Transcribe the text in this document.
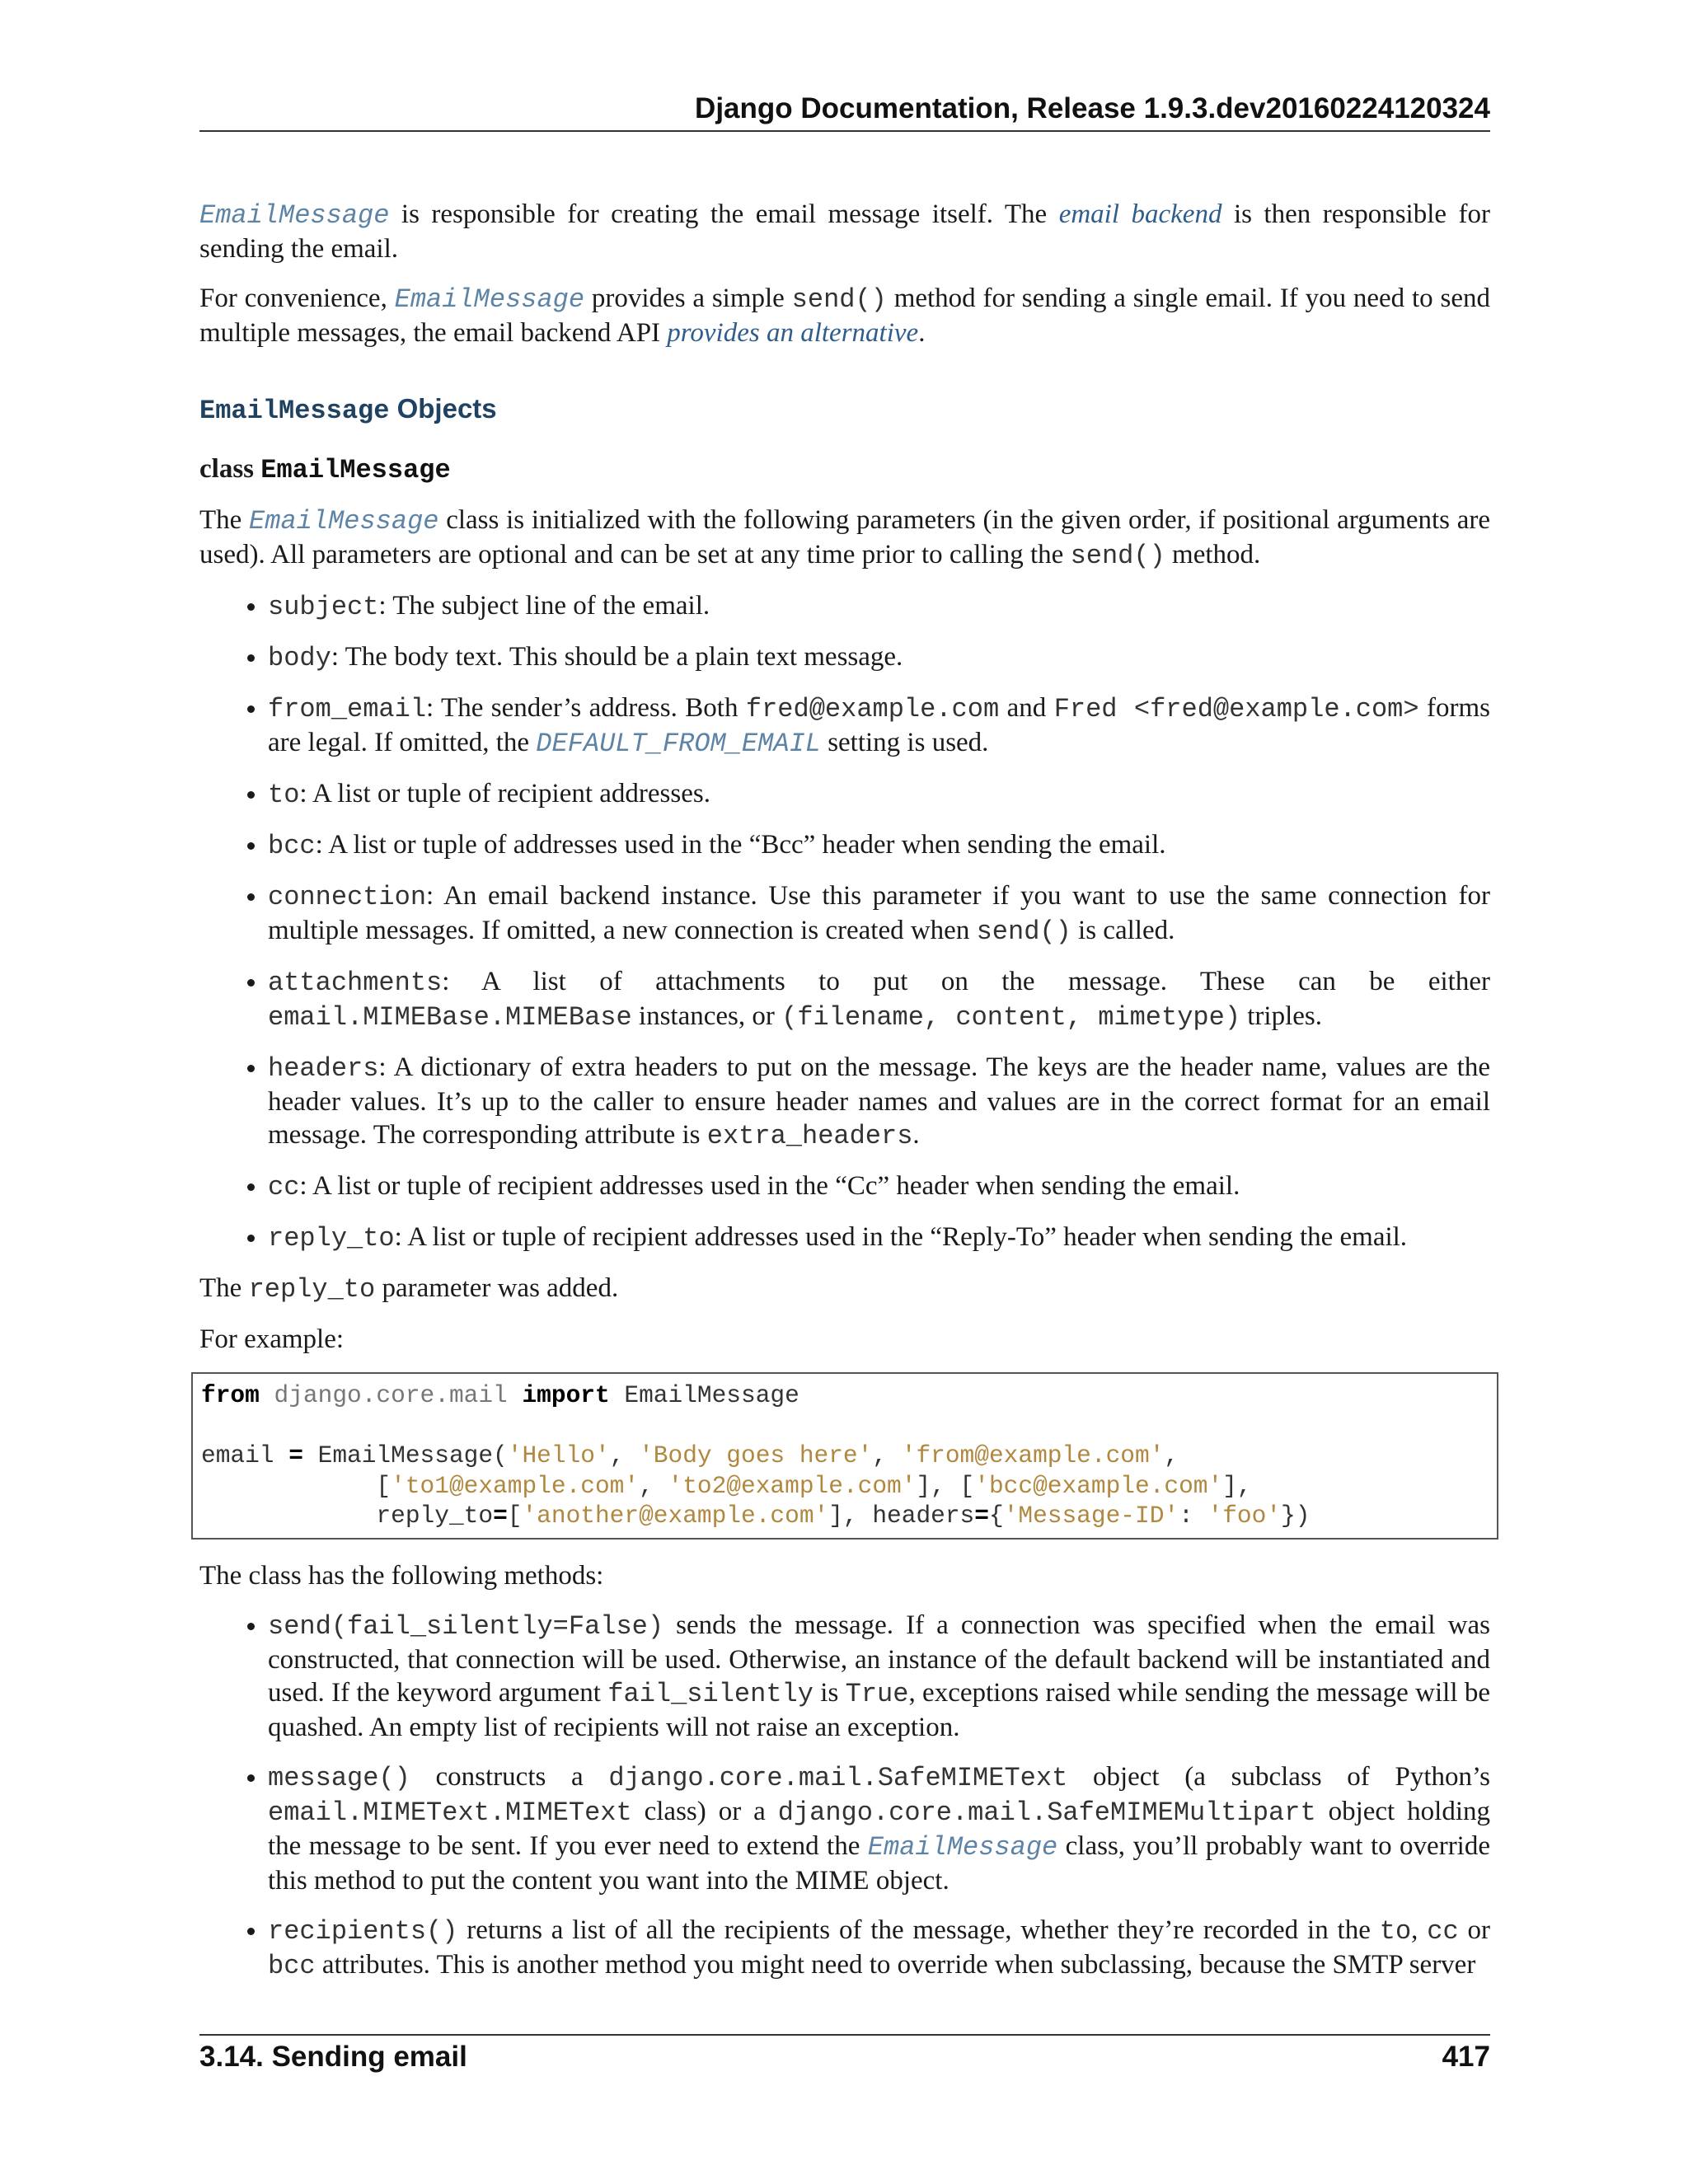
Django Documentation, Release 1.9.3.dev20160224120324

EmailMessage is responsible for creating the email message itself. The email backend is then responsible for sending the email.

For convenience, EmailMessage provides a simple send() method for sending a single email. If you need to send multiple messages, the email backend API provides an alternative.

EmailMessage Objects
class EmailMessage

The EmailMessage class is initialized with the following parameters (in the given order, if positional arguments are used). All parameters are optional and can be set at any time prior to calling the send() method.

• subject: The subject line of the email.
• body: The body text. This should be a plain text message.
• from_email: The sender’s address. Both fred@example.com and Fred <fred@example.com> forms are legal. If omitted, the DEFAULT_FROM_EMAIL setting is used.
• to: A list or tuple of recipient addresses.
• bcc: A list or tuple of addresses used in the “Bcc” header when sending the email.
• connection: An email backend instance. Use this parameter if you want to use the same connection for multiple messages. If omitted, a new connection is created when send() is called.
• attachments: A list of attachments to put on the message. These can be either email.MIMEBase.MIMEBase instances, or (filename, content, mimetype) triples.
• headers: A dictionary of extra headers to put on the message. The keys are the header name, values are the header values. It’s up to the caller to ensure header names and values are in the correct format for an email message. The corresponding attribute is extra_headers.
• cc: A list or tuple of recipient addresses used in the “Cc” header when sending the email.
• reply_to: A list or tuple of recipient addresses used in the “Reply-To” header when sending the email.

The reply_to parameter was added.

For example:

from django.core.mail import EmailMessage

email = EmailMessage('Hello', 'Body goes here', 'from@example.com',
['to1@example.com', 'to2@example.com'], ['bcc@example.com'],
reply_to=['another@example.com'], headers={'Message-ID': 'foo'})

The class has the following methods:

• send(fail_silently=False) sends the message. If a connection was specified when the email was constructed, that connection will be used. Otherwise, an instance of the default backend will be instantiated and used. If the keyword argument fail_silently is True, exceptions raised while sending the message will be quashed. An empty list of recipients will not raise an exception.
• message() constructs a django.core.mail.SafeMIMEText object (a subclass of Python’s email.MIMEText.MIMEText class) or a django.core.mail.SafeMIMEMultipart object holding the message to be sent. If you ever need to extend the EmailMessage class, you’ll probably want to override this method to put the content you want into the MIME object.
• recipients() returns a list of all the recipients of the message, whether they’re recorded in the to, cc or bcc attributes. This is another method you might need to override when subclassing, because the SMTP server
3.14. Sending email	417
